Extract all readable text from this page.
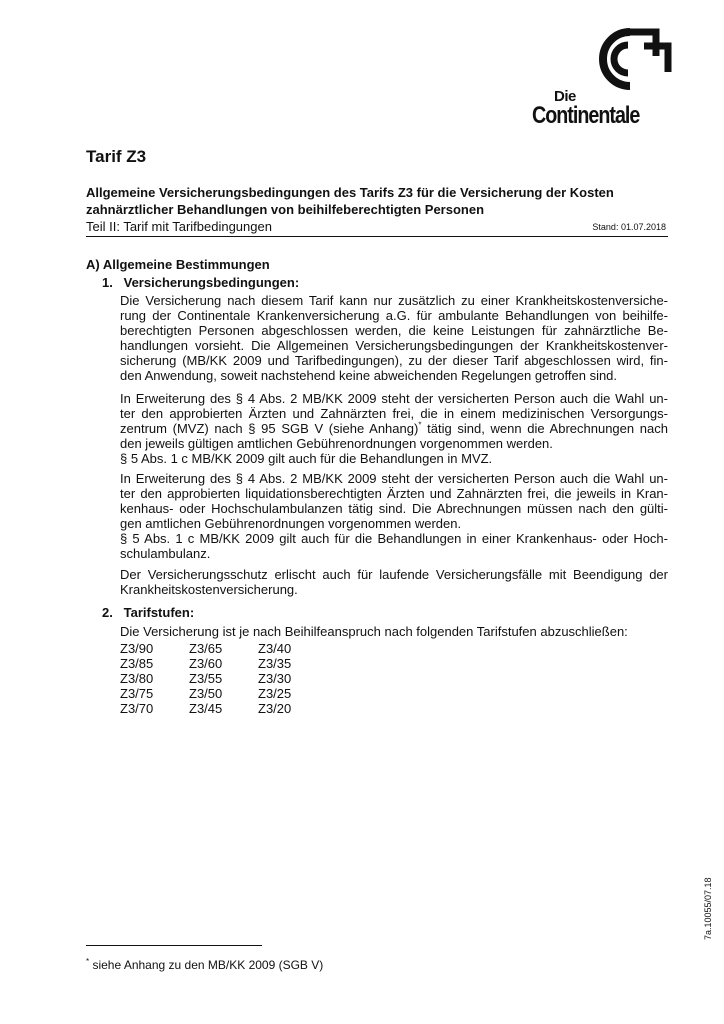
Die
Continentale
Tarif Z3
Allgemeine Versicherungsbedingungen des Tarifs Z3 für die Versicherung der Kosten
zahnärztlicher Behandlungen von beihilfeberechtigten Personen
Teil II: Tarif mit Tarifbedingungen	Stand: 01.07.2018
A) Allgemeine Bestimmungen
1. Versicherungsbedingungen:
Die Versicherung nach diesem Tarif kann nur zusätzlich zu einer Krankheitskostenversiche-
rung der Continentale Krankenversicherung a.G. für ambulante Behandlungen von beihilfe-
berechtigten Personen abgeschlossen werden, die keine Leistungen für zahnärztliche Be-
handlungen vorsieht. Die Allgemeinen Versicherungsbedingungen der Krankheitskostenver-
sicherung (MB/KK 2009 und Tarifbedingungen), zu der dieser Tarif abgeschlossen wird, fin-
den Anwendung, soweit nachstehend keine abweichenden Regelungen getroffen sind.
In Erweiterung des § 4 Abs. 2 MB/KK 2009 steht der versicherten Person auch die Wahl un-
ter den approbierten Ärzten und Zahnärzten frei, die in einem medizinischen Versorgungs-
zentrum (MVZ) nach § 95 SGB V (siehe Anhang)* tätig sind, wenn die Abrechnungen nach
den jeweils gültigen amtlichen Gebührenordnungen vorgenommen werden.
§ 5 Abs. 1 c MB/KK 2009 gilt auch für die Behandlungen in MVZ.
In Erweiterung des § 4 Abs. 2 MB/KK 2009 steht der versicherten Person auch die Wahl un-
ter den approbierten liquidationsberechtigten Ärzten und Zahnärzten frei, die jeweils in Kran-
kenhaus- oder Hochschulambulanzen tätig sind. Die Abrechnungen müssen nach den gülti-
gen amtlichen Gebührenordnungen vorgenommen werden.
§ 5 Abs. 1 c MB/KK 2009 gilt auch für die Behandlungen in einer Krankenhaus- oder Hoch-
schulambulanz.
Der Versicherungsschutz erlischt auch für laufende Versicherungsfälle mit Beendigung der
Krankheitskostenversicherung.
2. Tarifstufen:
Die Versicherung ist je nach Beihilfeanspruch nach folgenden Tarifstufen abzuschließen:
Z3/90	Z3/65	Z3/40
Z3/85	Z3/60	Z3/35
Z3/80	Z3/55	Z3/30
Z3/75	Z3/50	Z3/25
Z3/70	Z3/45	Z3/20
* siehe Anhang zu den MB/KK 2009 (SGB V)
7a.10055/07.18
